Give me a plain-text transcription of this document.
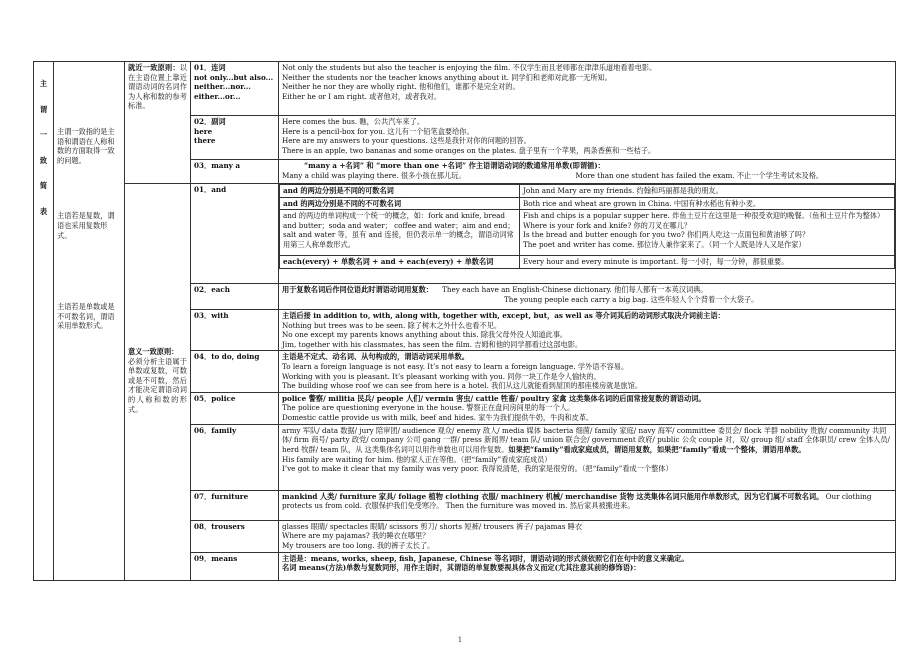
主
谓
一
致
简
表

主谓一致指的是主语和谓语在人称和数的方面取得一致的问题。

主语若是复数，谓语也采用复数形式。

主语若是单数或是不可数名词，谓语采用单数形式。

就近一致原则：以在主语位置上靠近谓语动词的名词作为人称和数的参考标准。

01．连词
not only...but also...
neither...nor...
either...or...

Not only the students but also the teacher is enjoying the film. 不仅学生而且老师都在津津乐道地看着电影。
Neither the students nor the teacher knows anything about it. 同学们和老师对此都一无所知。
Neither he nor they are wholly right. 他和他们，谁都不是完全对的。
Either he or I am right. 或者他对，或者我对。

02．副词
here
there

Here comes the bus. 瞧，公共汽车来了。
Here is a pencil-box for you. 这儿有一个铅笔盒要给你。
Here are my answers to your questions. 这些是我针对你的问题的回答。
There is an apple, two bananas and some oranges on the plates. 盘子里有一个苹果，两条香蕉和一些桔子。

03．many a	“many a +名词” 和 “more than one +名词” 作主语谓语动词的数通常用单数(即谓循)：
Many a child was playing there. 很多小孩在那儿玩。	More than one student has failed the exam. 不止一个学生考试未及格。

意义一致原则：

必须分析主语属于单数或复数，可数或是不可数，然后才能决定谓语动词的人称和数的形式。

	01．and		and 的两边分别是不同的可数名词	John and Mary are my friends. 约翰和玛丽都是我的朋友。
and 的两边分别是不同的不可数名词	Both rice and wheat are grown in China. 中国有种水稻也有种小麦。
and 的两边的单词构成一个统一的概念，如：fork and knife, bread and butter；soda and water； coffee and water；aim and end；salt and water 等，虽有 and 连接，但仍表示单一的概念，谓语动词常用第三人称单数形式。	
Fish and chips is a popular supper here. 炸鱼土豆片在这里是一种很受欢迎的晚餐。（鱼和土豆片作为整体）
Where is your fork and knife? 你的刀叉在哪儿？
Is the bread and butter enough for you two? 你们两人吃这一点面包和黄油够了吗？
The poet and writer has come. 那位诗人兼作家来了。（同一个人既是诗人又是作家）

each(every) + 单数名词 + and + each(every) + 单数名词	Every hour and every minute is important. 每一小时，每一分钟，都很重要。

02．each	用于复数名词后作同位语此时谓语动词用复数： They each have an English-Chinese dictionary. 他们每人都有一本英汉词典。
The young people each carry a big bag. 这些年轻人个个背着一个大袋子。

03．with	主语后接 in addition to, with, along with, together with, except, but，as well as 等介词其后的动词形式取决介词前主语：
Nothing but trees was to be seen. 除了树木之外什么也看不见。
No one except my parents knows anything about this. 除我父母外没人知道此事。
Jim, together with his classmates, has seen the film. 吉姆和他的同学都看过这部电影。

04．to do, doing	主语是不定式、动名词、从句构成的，谓语动词采用单数。
To learn a foreign language is not easy. It’s not easy to learn a foreign language. 学外语不容易。
Working with you is pleasant. It’s pleasant working with you. 同你一块工作是令人愉快的。
The building whose roof we can see from here is a hotel. 我们从这儿就能看到屋顶的那座楼房就是旅馆。

05．police	police 警察/ militia 民兵/ people 人们/ vermin 害虫/ cattle 牲畜/ poultry 家禽 这类集体名词的后面常接复数的谓语动词。
The police are questioning everyone in the house. 警察正在盘问房间里的每一个人。
Domestic cattle provide us with milk, beef and hides. 家牛为我们提供牛奶，牛肉和皮革。

06．family	army 军队/ data 数据/ jury 陪审团/ audience 观众/ enemy 敌人/ media 媒体 bacteria 细菌/ family 家庭/ navy 海军/ committee 委员会/ flock 羊群 nobility 贵族/ community 共同体/ firm 商号/ party 政党/ company 公司 gang 一群/ press 新闻界/ team 队/ union 联合会/ government 政府/ public 公众 couple 对，双/ group 组/ staff 全体职员/ crew 全体人员/ herd 牧群/ team 队，从 这类集体名词可以用作单数也可以用作复数。如果把“family”看成家庭成员，谓语用复数，如果把“family”看成一个整体，谓语用单数。
His family are waiting for him. 他的家人正在等他。（把“family”看成家庭成员）
I’ve got to make it clear that my family was very poor. 我得说清楚，我的家是很穷的。（把“family”看成一个整体）

07．furniture	mankind 人类/ furniture 家具/ foliage 植物 clothing 衣服/ machinery 机械/ merchandise 货物 这类集体名词只能用作单数形式，因为它们属不可数名词。 Our clothing protects us from cold. 衣服保护我们免受寒冷。 Then the furniture was moved in. 然后家具被搬进来。

08．trousers	glasses 眼睛/ spectacles 眼睛/ scissors 剪刀/ shorts 短裤/ trousers 裤子/ pajamas 睡衣
Where are my pajamas? 我的睡衣在哪里？
My trousers are too long. 我的裤子太长了。

09．means	主语是：means, works, sheep, fish, Japanese, Chinese 等名词时，谓语动词的形式须依照它们在句中的意义来确定。
名词 means(方法)单数与复数同形，用作主语时，其谓语的单复数要视具体含义而定(尤其注意其前的修饰语)：
1
